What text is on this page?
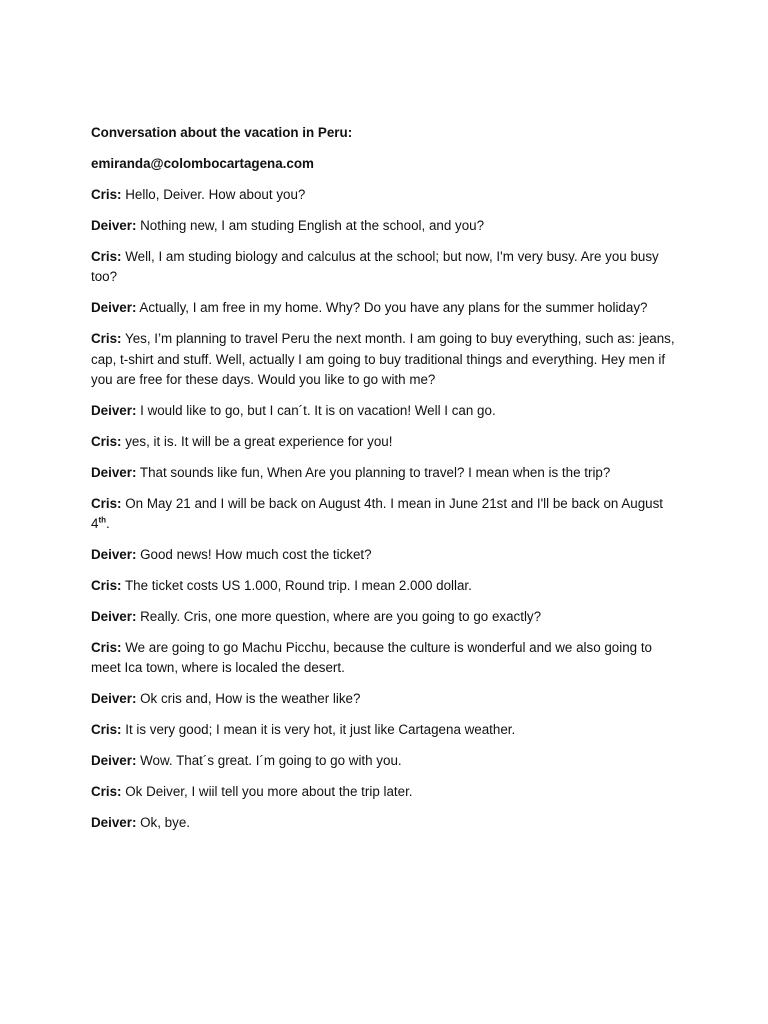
Conversation about the vacation in Peru:

emiranda@colombocartagena.com

Cris: Hello, Deiver. How about you?

Deiver: Nothing new, I am studing English at the school, and you?

Cris: Well, I am studing biology and calculus at the school; but now, I'm very busy. Are you busy too?

Deiver: Actually, I am free in my home. Why? Do you have any plans for the summer holiday?

Cris: Yes, I’m planning to travel Peru the next month. I am going to buy everything, such as: jeans, cap, t-shirt and stuff. Well, actually I am going to buy traditional things and everything. Hey men if you are free for these days. Would you like to go with me?

Deiver: I would like to go, but I can´t. It is on vacation! Well I can go.

Cris: yes, it is. It will be a great experience for you!

Deiver: That sounds like fun, When Are you planning to travel? I mean when is the trip?

Cris: On May 21 and I will be back on August 4th. I mean in June 21st and I'll be back on August 4th.

Deiver: Good news! How much cost the ticket?

Cris: The ticket costs US 1.000, Round trip. I mean 2.000 dollar.

Deiver: Really. Cris, one more question, where are you going to go exactly?

Cris: We are going to go Machu Picchu, because the culture is wonderful and we also going to meet Ica town, where is localed the desert.

Deiver: Ok cris and, How is the weather like?

Cris: It is very good; I mean it is very hot, it just like Cartagena weather.

Deiver: Wow. That´s great. I´m going to go with you.

Cris: Ok Deiver, I wiil tell you more about the trip later.

Deiver: Ok, bye.
